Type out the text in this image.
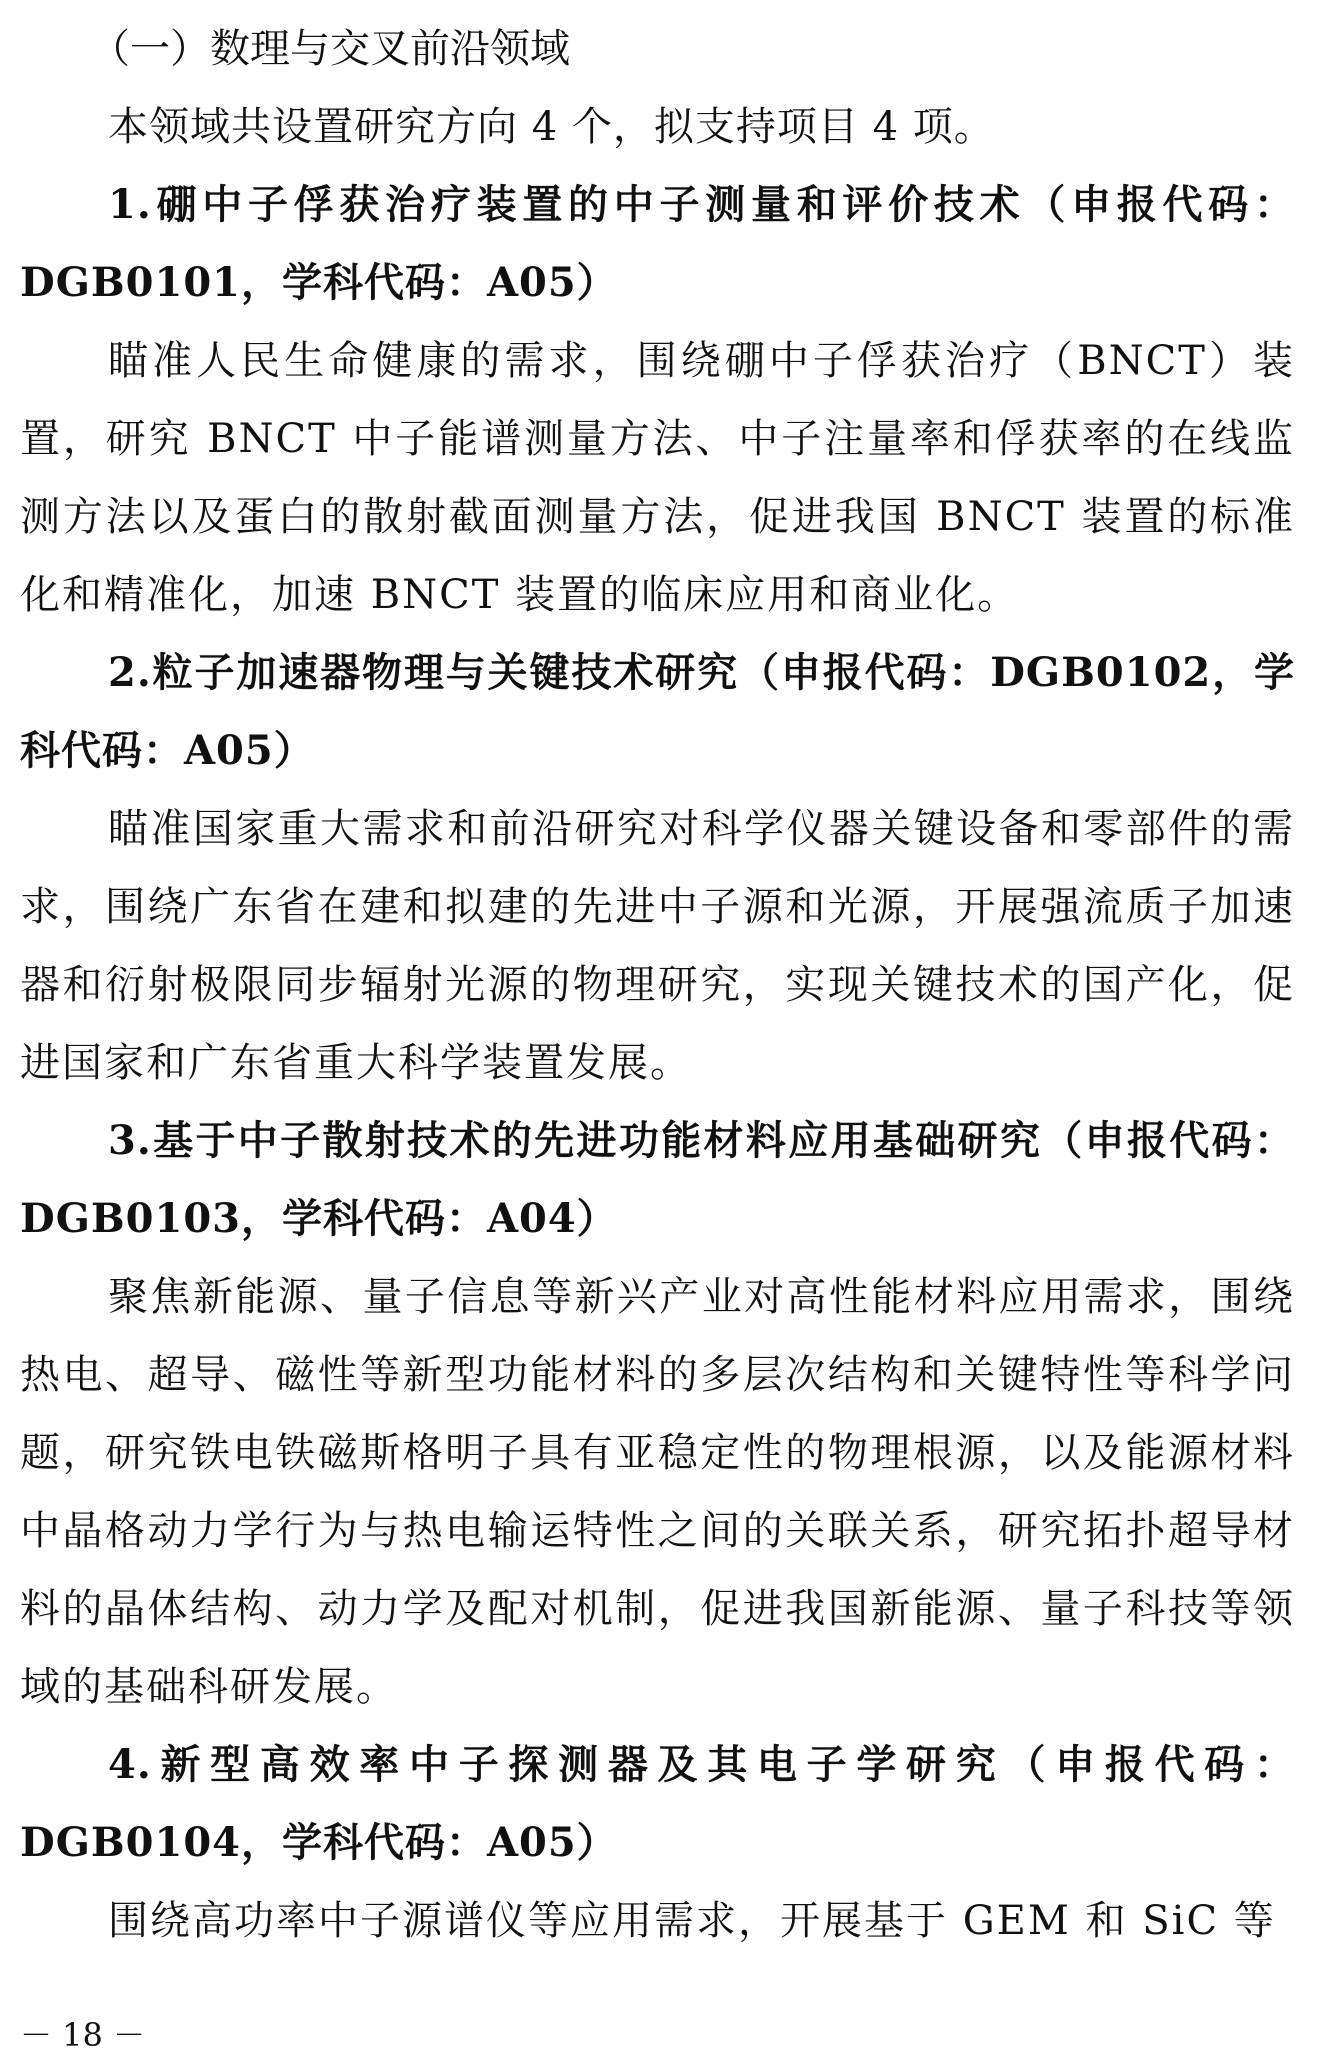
（一）数理与交叉前沿领域

本领域共设置研究方向 4 个，拟支持项目 4 项。

1.硼中子俘获治疗装置的中子测量和评价技术（申报代码：DGB0101，学科代码：A05）

瞄准人民生命健康的需求，围绕硼中子俘获治疗（BNCT）装置，研究 BNCT 中子能谱测量方法、中子注量率和俘获率的在线监测方法以及蛋白的散射截面测量方法，促进我国 BNCT 装置的标准化和精准化，加速 BNCT 装置的临床应用和商业化。

2.粒子加速器物理与关键技术研究（申报代码：DGB0102，学科代码：A05）

瞄准国家重大需求和前沿研究对科学仪器关键设备和零部件的需求，围绕广东省在建和拟建的先进中子源和光源，开展强流质子加速器和衍射极限同步辐射光源的物理研究，实现关键技术的国产化，促进国家和广东省重大科学装置发展。

3.基于中子散射技术的先进功能材料应用基础研究（申报代码：DGB0103，学科代码：A04）

聚焦新能源、量子信息等新兴产业对高性能材料应用需求，围绕热电、超导、磁性等新型功能材料的多层次结构和关键特性等科学问题，研究铁电铁磁斯格明子具有亚稳定性的物理根源，以及能源材料中晶格动力学行为与热电输运特性之间的关联关系，研究拓扑超导材料的晶体结构、动力学及配对机制，促进我国新能源、量子科技等领域的基础科研发展。

4.新型高效率中子探测器及其电子学研究（申报代码：DGB0104，学科代码：A05）

围绕高功率中子源谱仪等应用需求，开展基于 GEM 和 SiC 等

－ 18 －
